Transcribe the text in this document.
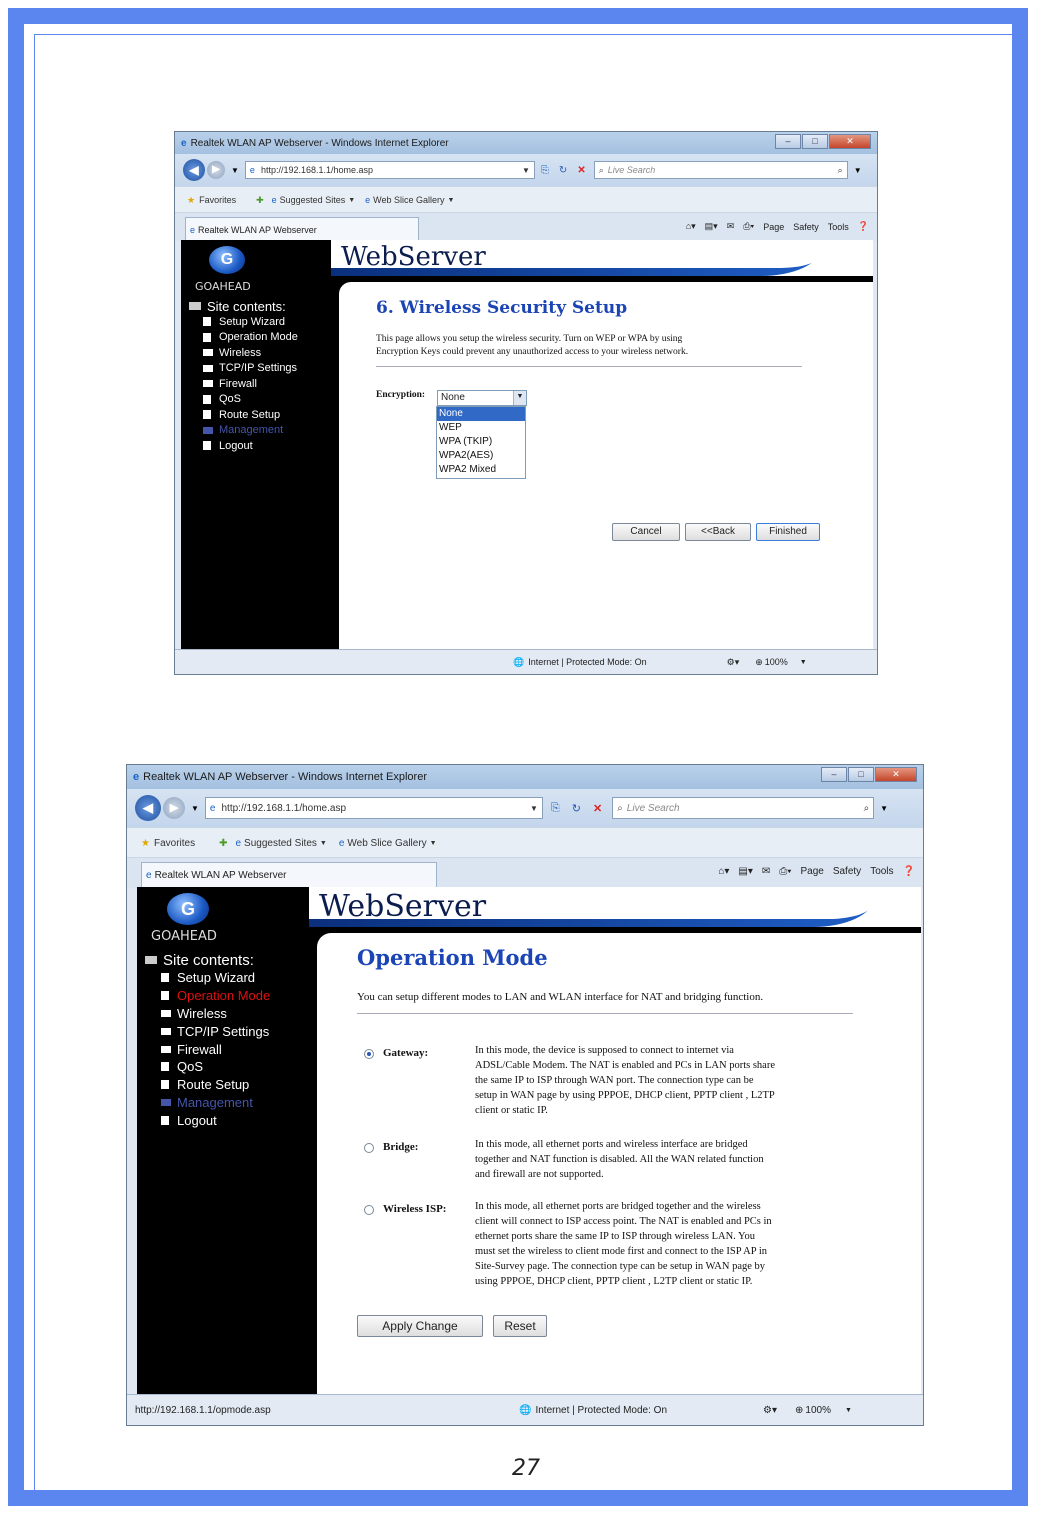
e Realtek WLAN AP Webserver - Windows Internet Explorer	–	□	✕
◀	▶	▼ e http://192.168.1.1/home.asp	▼ ⎘ ↻ ✕ ⌕ Live Search	⌕ ▼
★ Favorites ✚ e Suggested Sites ▼ e Web Slice Gallery ▼
e Realtek WLAN AP Webserver	⌂▾ ▤▾ ✉ ⎙▾ Page Safety Tools ❓
WebServer
G
GOAHEAD
Site contents:
Setup Wizard
Operation Mode
Wireless
TCP/IP Settings
Firewall
QoS
Route Setup
Management
Logout
6. Wireless Security Setup
This page allows you setup the wireless security. Turn on WEP or WPA by using
Encryption Keys could prevent any unauthorized access to your wireless network.
Encryption:	None	▼
None
WEP
WPA (TKIP)
WPA2(AES)
WPA2 Mixed
Cancel	<<Back	Finished
🌐 Internet | Protected Mode: On	⚙▾ ⊕ 100% ▼
e Realtek WLAN AP Webserver - Windows Internet Explorer	–	□	✕
◀	▶	▼ e http://192.168.1.1/home.asp	▼ ⎘ ↻ ✕ ⌕ Live Search	⌕ ▼
★ Favorites ✚ e Suggested Sites ▼ e Web Slice Gallery ▼
e Realtek WLAN AP Webserver	⌂▾ ▤▾ ✉ ⎙▾ Page Safety Tools ❓
WebServer
G
GOAHEAD
Site contents:
Setup Wizard
Operation Mode
Wireless
TCP/IP Settings
Firewall
QoS
Route Setup
Management
Logout
Operation Mode
You can setup different modes to LAN and WLAN interface for NAT and bridging function.
Gateway:	In this mode, the device is supposed to connect to internet via
ADSL/Cable Modem. The NAT is enabled and PCs in LAN ports share
the same IP to ISP through WAN port. The connection type can be
setup in WAN page by using PPPOE, DHCP client, PPTP client , L2TP
client or static IP.
Bridge:	In this mode, all ethernet ports and wireless interface are bridged
together and NAT function is disabled. All the WAN related function
and firewall are not supported.
Wireless ISP:	In this mode, all ethernet ports are bridged together and the wireless
client will connect to ISP access point. The NAT is enabled and PCs in
ethernet ports share the same IP to ISP through wireless LAN. You
must set the wireless to client mode first and connect to the ISP AP in
Site-Survey page. The connection type can be setup in WAN page by
using PPPOE, DHCP client, PPTP client , L2TP client or static IP.
Apply Change	Reset
http://192.168.1.1/opmode.asp	🌐 Internet | Protected Mode: On	⚙▾ ⊕ 100% ▼
27
